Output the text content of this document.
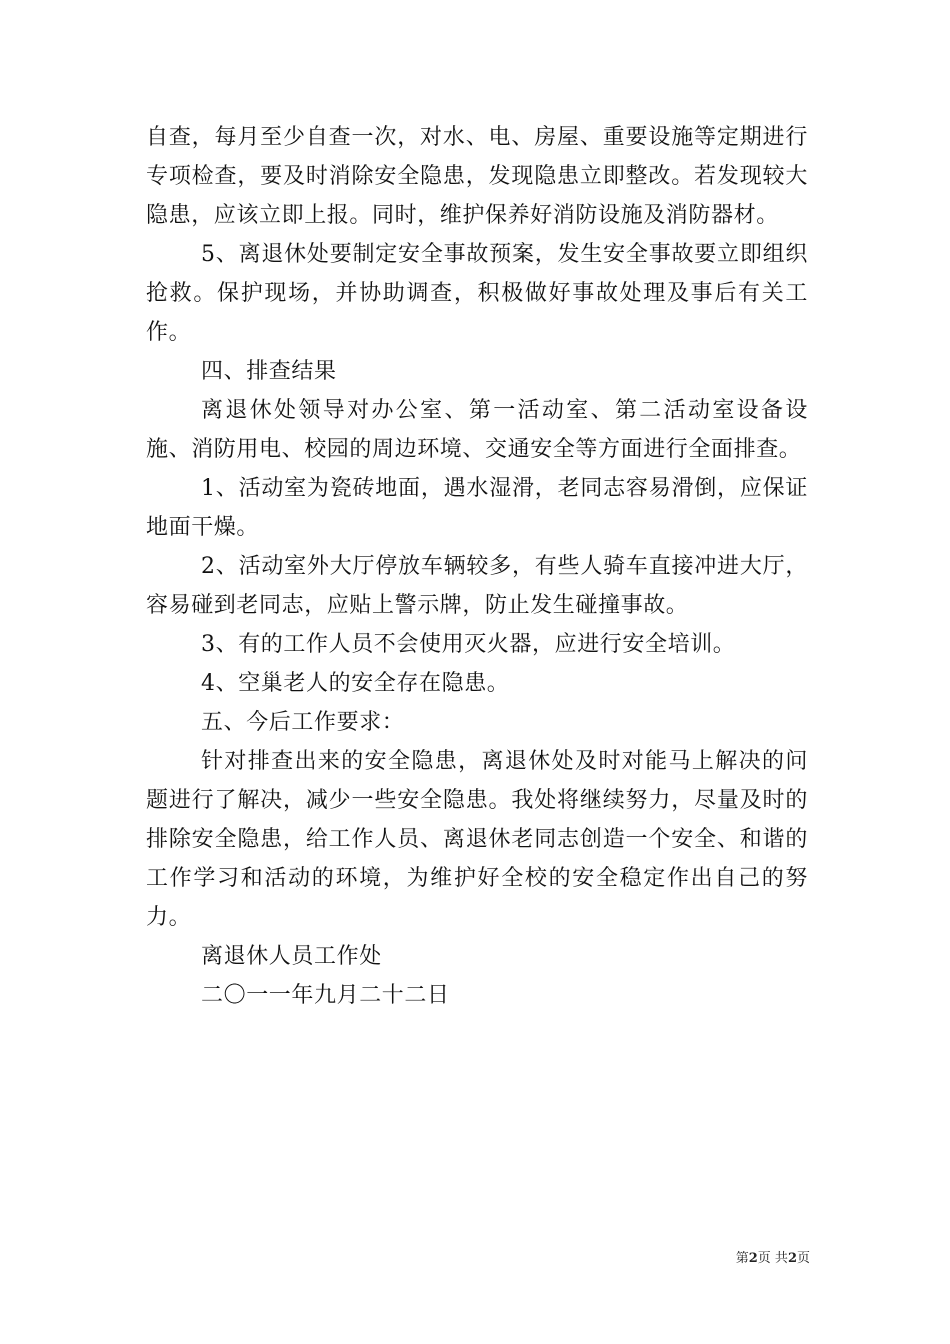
自查，每月至少自查一次，对水、电、房屋、重要设施等定期进行专项检查，要及时消除安全隐患，发现隐患立即整改。若发现较大隐患，应该立即上报。同时，维护保养好消防设施及消防器材。

5、离退休处要制定安全事故预案，发生安全事故要立即组织抢救。保护现场，并协助调查，积极做好事故处理及事后有关工作。

四、排查结果

离退休处领导对办公室、第一活动室、第二活动室设备设施、消防用电、校园的周边环境、交通安全等方面进行全面排查。

1、活动室为瓷砖地面，遇水湿滑，老同志容易滑倒，应保证地面干燥。

2、活动室外大厅停放车辆较多，有些人骑车直接冲进大厅，容易碰到老同志，应贴上警示牌，防止发生碰撞事故。

3、有的工作人员不会使用灭火器，应进行安全培训。

4、空巢老人的安全存在隐患。

五、今后工作要求：

针对排查出来的安全隐患，离退休处及时对能马上解决的问题进行了解决，减少一些安全隐患。我处将继续努力，尽量及时的排除安全隐患，给工作人员、离退休老同志创造一个安全、和谐的工作学习和活动的环境，为维护好全校的安全稳定作出自己的努力。

离退休人员工作处

二〇一一年九月二十二日

第2页 共2页
